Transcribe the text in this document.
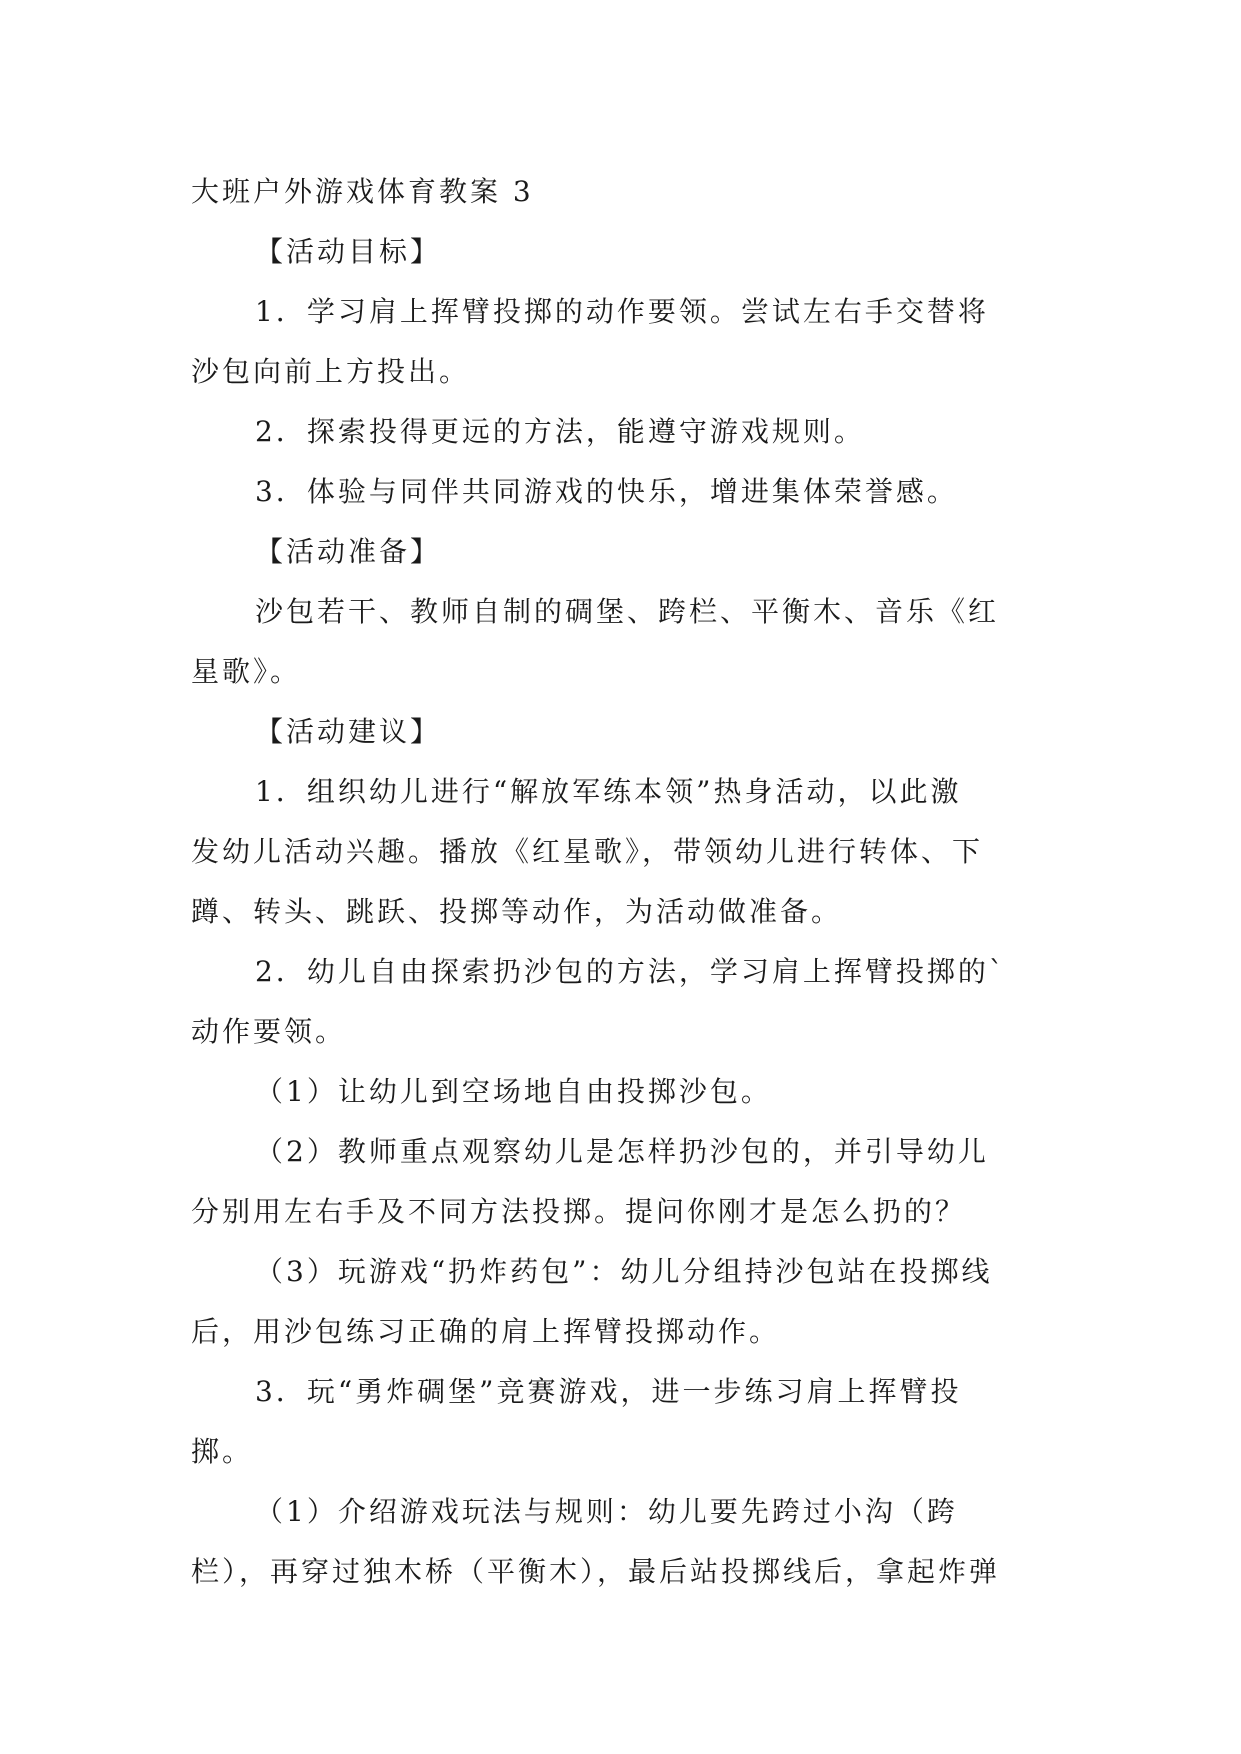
大班户外游戏体育教案 3
【活动目标】
1．学习肩上挥臂投掷的动作要领。尝试左右手交替将
沙包向前上方投出。
2．探索投得更远的方法，能遵守游戏规则。
3．体验与同伴共同游戏的快乐，增进集体荣誉感。
【活动准备】
沙包若干、教师自制的碉堡、跨栏、平衡木、音乐《红
星歌》。
【活动建议】
1．组织幼儿进行“解放军练本领”热身活动，以此激
发幼儿活动兴趣。播放《红星歌》，带领幼儿进行转体、下
蹲、转头、跳跃、投掷等动作，为活动做准备。
2．幼儿自由探索扔沙包的方法，学习肩上挥臂投掷的`
动作要领。
（1）让幼儿到空场地自由投掷沙包。
（2）教师重点观察幼儿是怎样扔沙包的，并引导幼儿
分别用左右手及不同方法投掷。提问你刚才是怎么扔的？
（3）玩游戏“扔炸药包”：幼儿分组持沙包站在投掷线
后，用沙包练习正确的肩上挥臂投掷动作。
3．玩“勇炸碉堡”竞赛游戏，进一步练习肩上挥臂投
掷。
（1）介绍游戏玩法与规则：幼儿要先跨过小沟（跨
栏），再穿过独木桥（平衡木），最后站投掷线后，拿起炸弹
